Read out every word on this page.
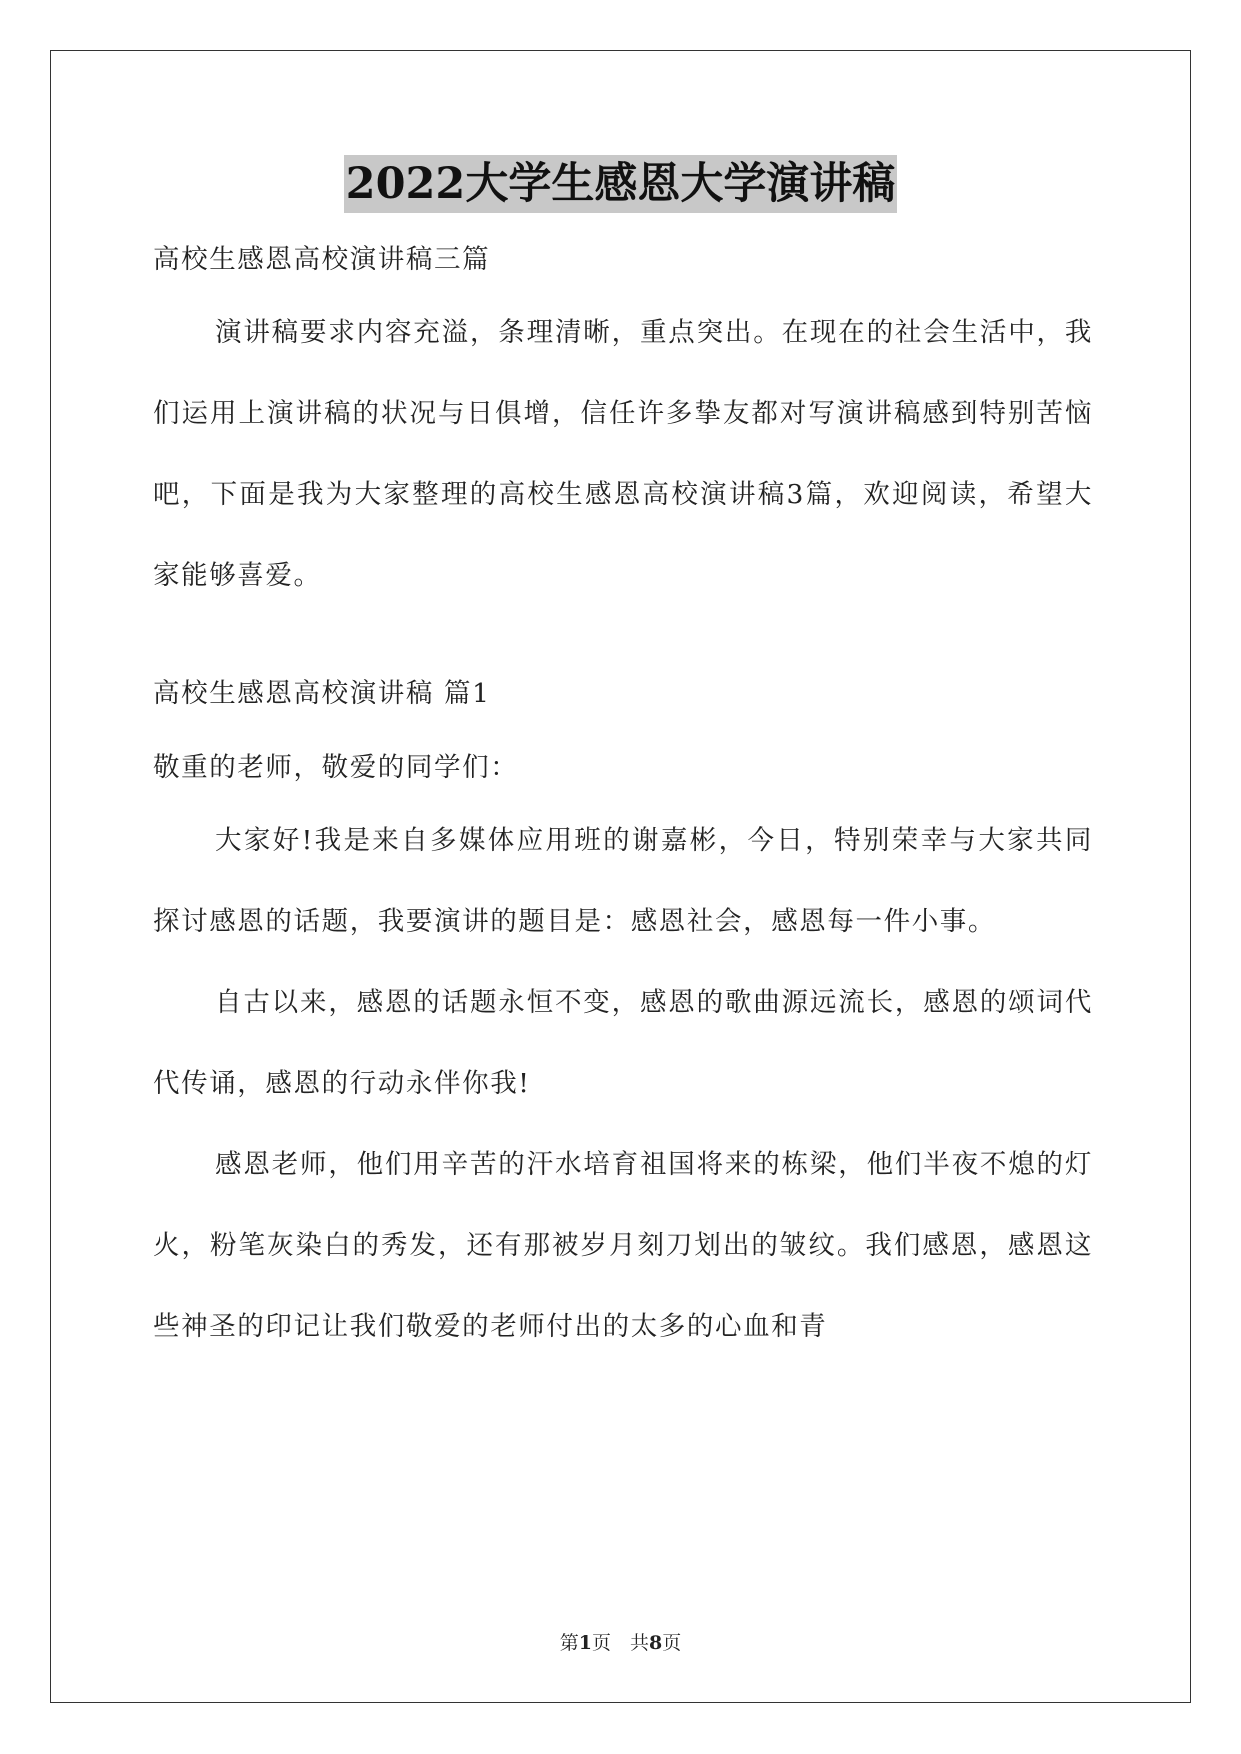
2022大学生感恩大学演讲稿
高校生感恩高校演讲稿三篇

演讲稿要求内容充溢，条理清晰，重点突出。在现在的社会生活中，我们运用上演讲稿的状况与日俱增，信任许多挚友都对写演讲稿感到特别苦恼吧，下面是我为大家整理的高校生感恩高校演讲稿3篇，欢迎阅读，希望大家能够喜爱。

高校生感恩高校演讲稿 篇1
敬重的老师，敬爱的同学们：

大家好!我是来自多媒体应用班的谢嘉彬，今日，特别荣幸与大家共同探讨感恩的话题，我要演讲的题目是：感恩社会，感恩每一件小事。

自古以来，感恩的话题永恒不变，感恩的歌曲源远流长，感恩的颂词代代传诵，感恩的行动永伴你我!

感恩老师，他们用辛苦的汗水培育祖国将来的栋梁，他们半夜不熄的灯火，粉笔灰染白的秀发，还有那被岁月刻刀划出的皱纹。我们感恩，感恩这些神圣的印记让我们敬爱的老师付出的太多的心血和青

第1页　共8页
